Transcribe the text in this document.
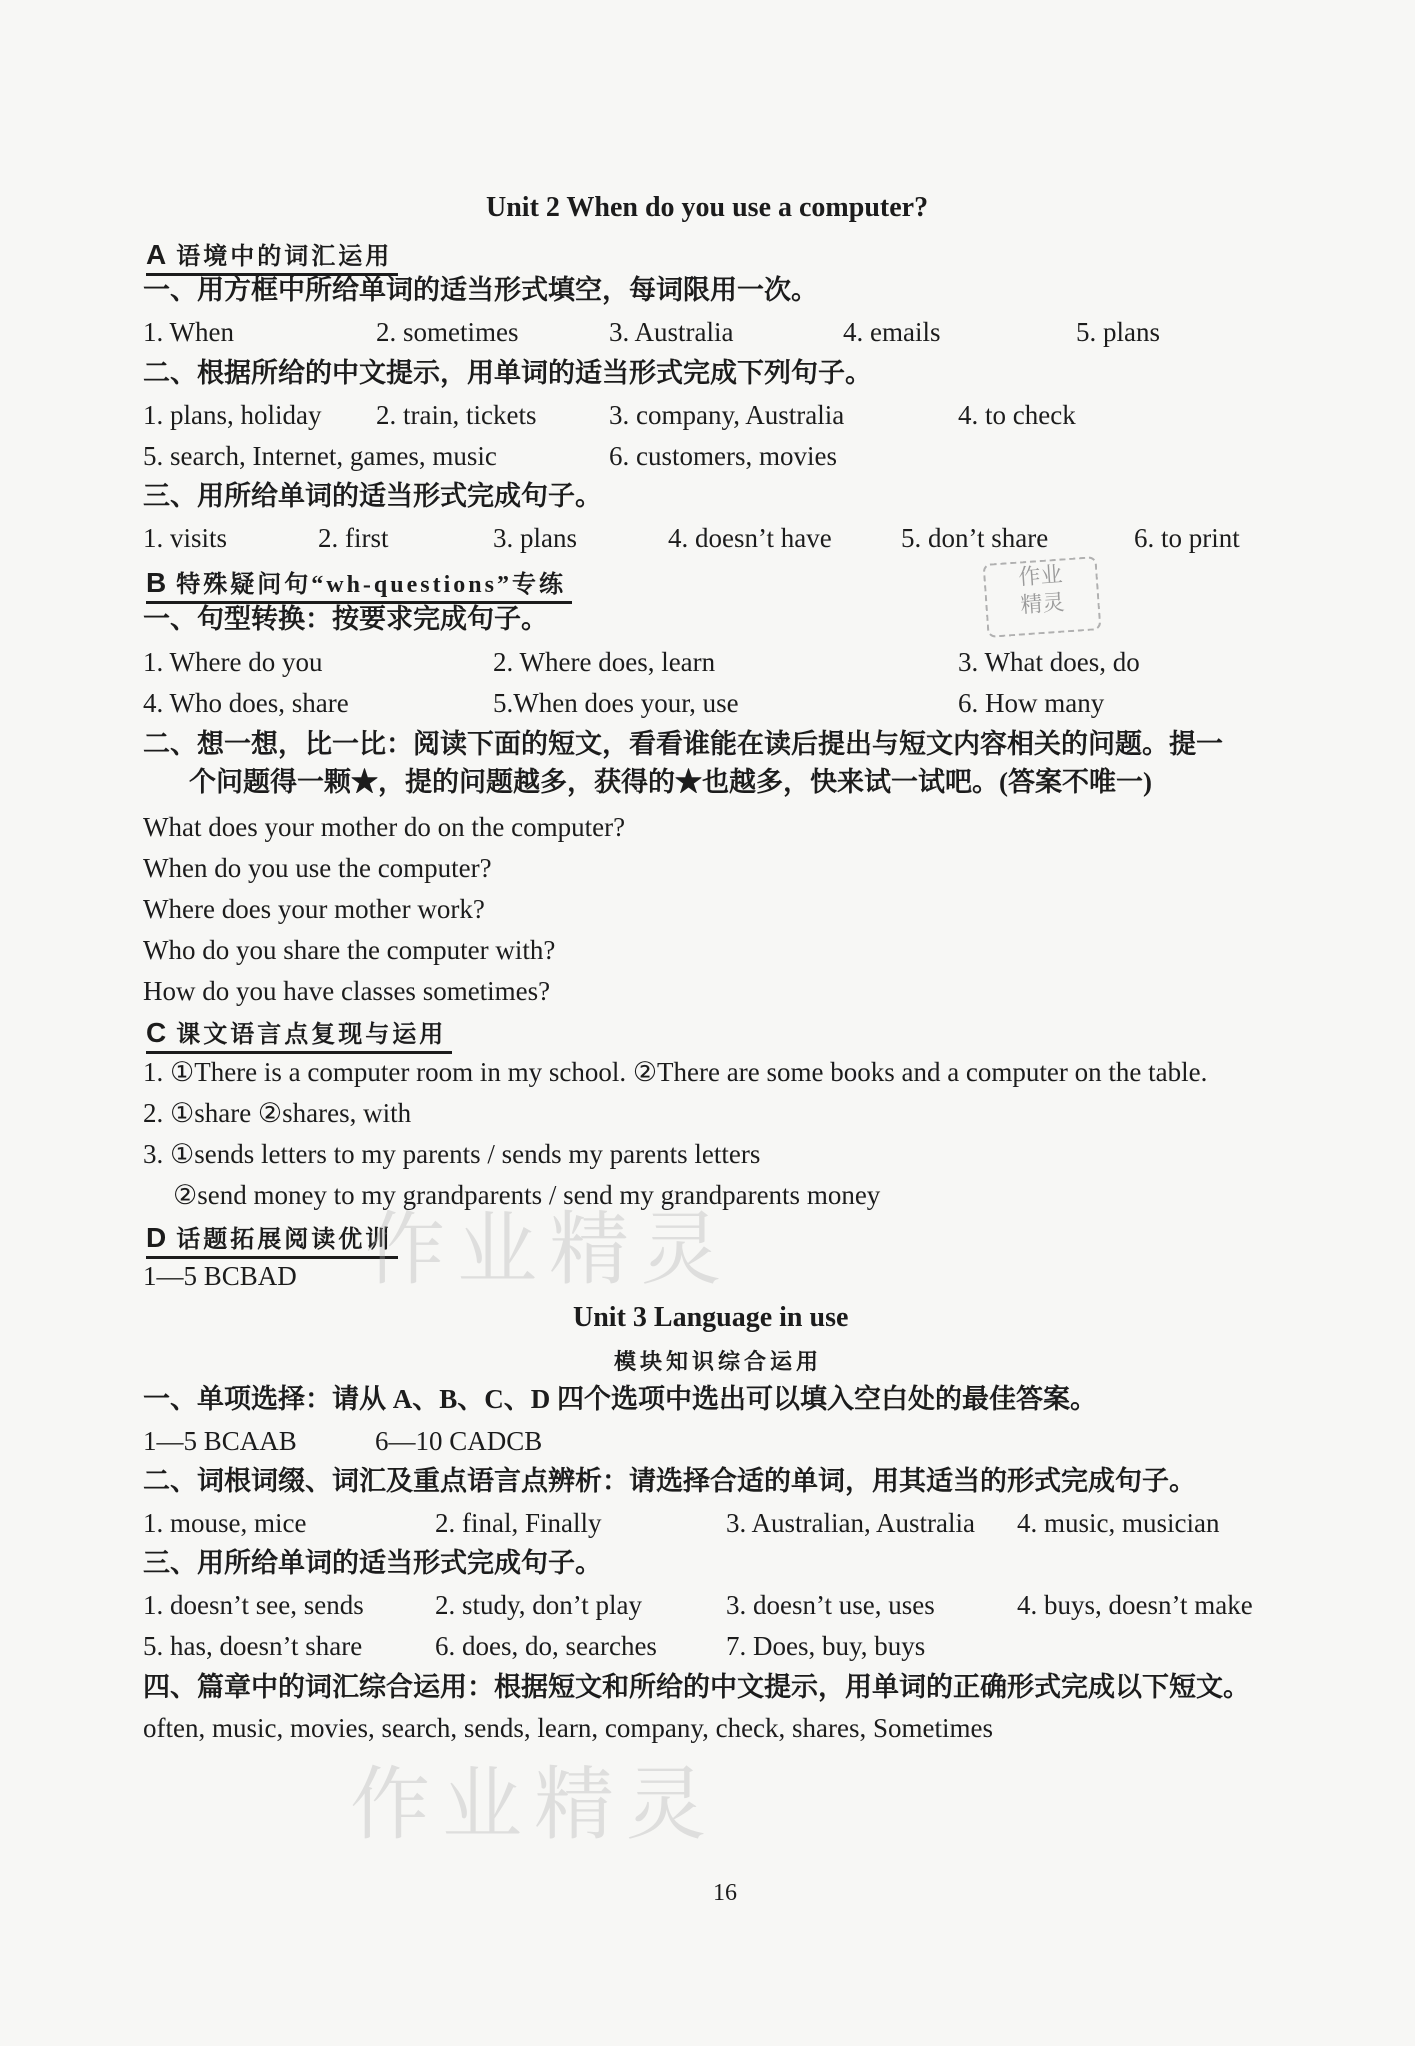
Unit 2 When do you use a computer?
A 语境中的词汇运用
一、用方框中所给单词的适当形式填空，每词限用一次。
1. When	2. sometimes	3. Australia	4. emails	5. plans
二、根据所给的中文提示，用单词的适当形式完成下列句子。
1. plans, holiday 2. train, tickets	3. company, Australia	4. to check
5. search, Internet, games, music	6. customers, movies
三、用所给单词的适当形式完成句子。
1. visits	2. first	3. plans	4. doesn’t have	5. don’t share	6. to print
作业
精灵
B 特殊疑问句“wh-questions”专练
一、句型转换：按要求完成句子。
1. Where do you	2. Where does, learn	3. What does, do
4. Who does, share	5.When does your, use	6. How many
二、想一想，比一比：阅读下面的短文，看看谁能在读后提出与短文内容相关的问题。提一
个问题得一颗★，提的问题越多，获得的★也越多，快来试一试吧。(答案不唯一)
What does your mother do on the computer?
When do you use the computer?
Where does your mother work?
Who do you share the computer with?
How do you have classes sometimes?
C 课文语言点复现与运用
1. ①There is a computer room in my school. ②There are some books and a computer on the table.
2. ①share ②shares, with
3. ①sends letters to my parents / sends my parents letters
②send money to my grandparents / send my grandparents money
D 话题拓展阅读优训
1—5 BCBAD 作业精灵
Unit 3 Language in use
模块知识综合运用
一、单项选择：请从 A、B、C、D 四个选项中选出可以填入空白处的最佳答案。
1—5 BCAAB	6—10 CADCB
二、词根词缀、词汇及重点语言点辨析：请选择合适的单词，用其适当的形式完成句子。
1. mouse, mice	2. final, Finally	3. Australian, Australia 4. music, musician
三、用所给单词的适当形式完成句子。
1. doesn’t see, sends	2. study, don’t play	3. doesn’t use, uses	4. buys, doesn’t make
5. has, doesn’t share	6. does, do, searches	7. Does, buy, buys
四、篇章中的词汇综合运用：根据短文和所给的中文提示，用单词的正确形式完成以下短文。
often, music, movies, search, sends, learn, company, check, shares, Sometimes
作业精灵
16
